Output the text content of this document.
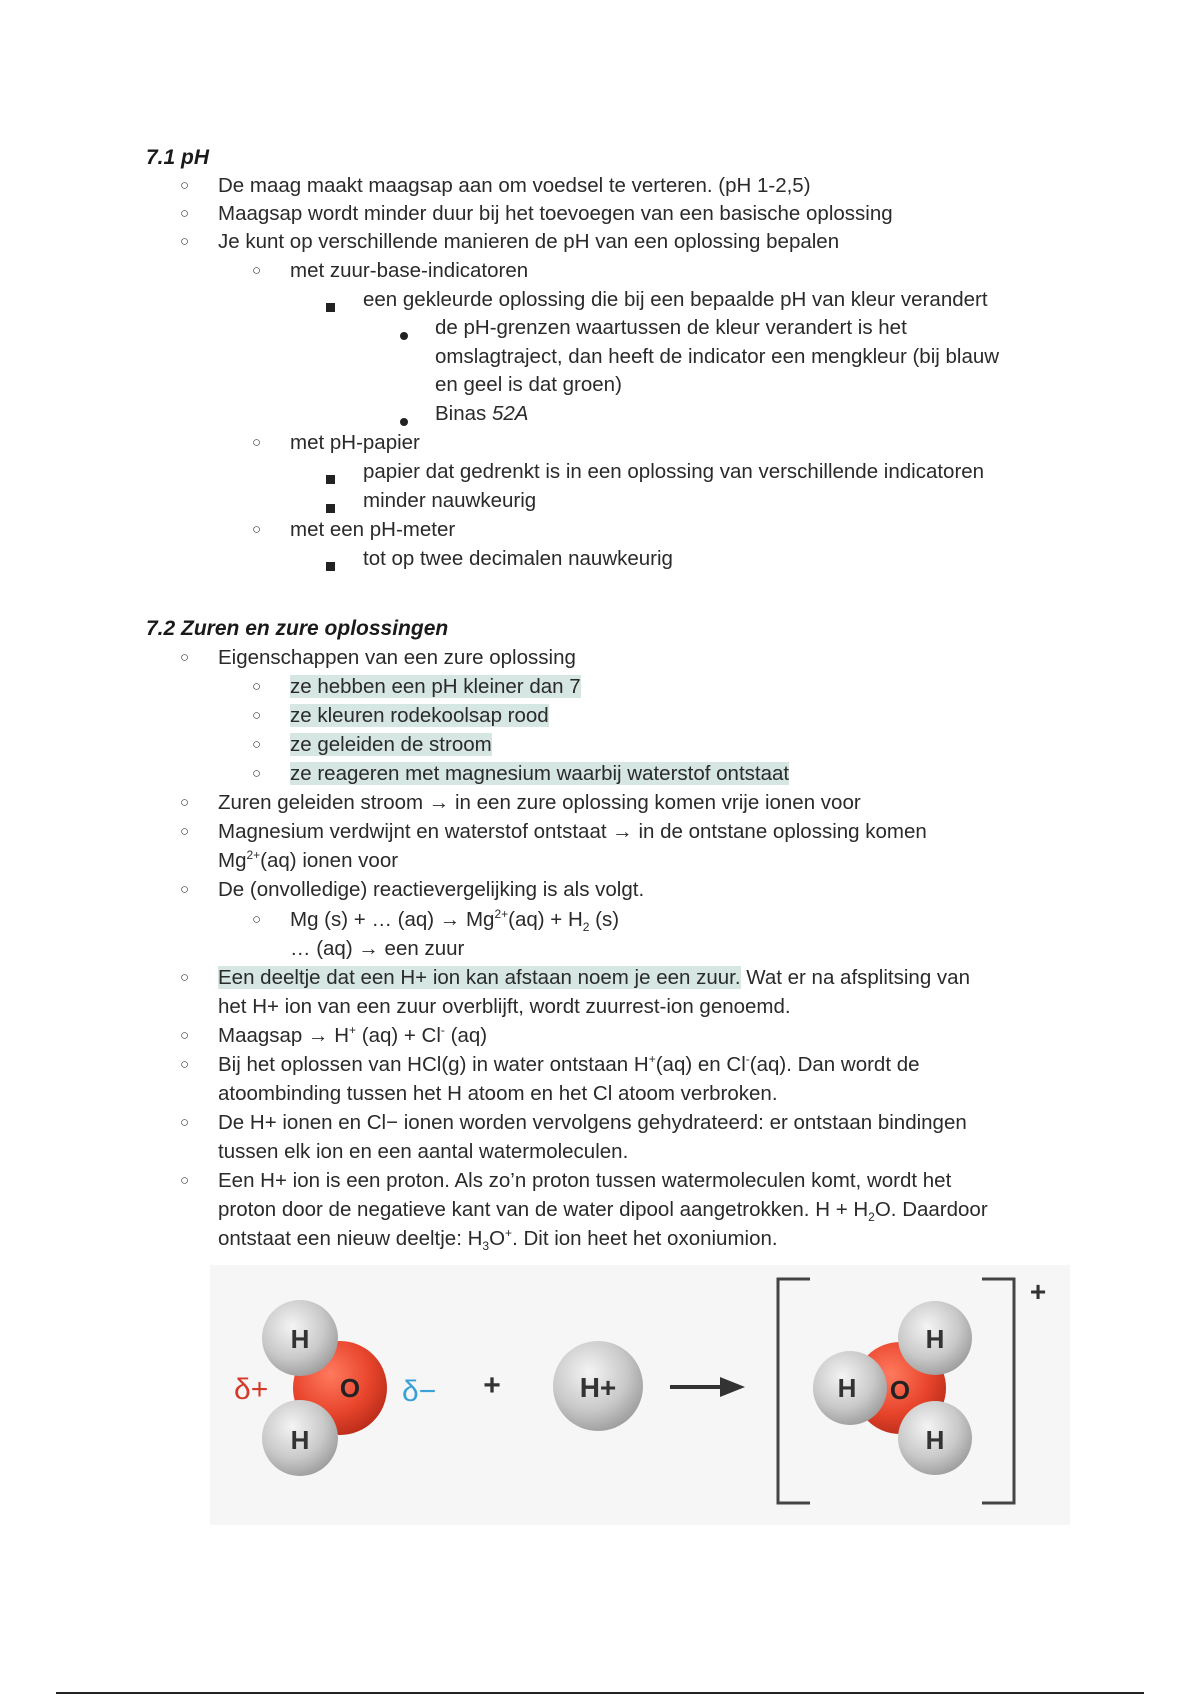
7.1 pH
○ De maag maakt maagsap aan om voedsel te verteren. (pH 1-2,5)
○ Maagsap wordt minder duur bij het toevoegen van een basische oplossing
○ Je kunt op verschillende manieren de pH van een oplossing bepalen
○ met zuur-base-indicatoren
een gekleurde oplossing die bij een bepaalde pH van kleur verandert
de pH-grenzen waartussen de kleur verandert is het
omslagtraject, dan heeft de indicator een mengkleur (bij blauw
en geel is dat groen)
Binas 52A
○ met pH-papier
papier dat gedrenkt is in een oplossing van verschillende indicatoren
minder nauwkeurig
○ met een pH-meter
tot op twee decimalen nauwkeurig
7.2 Zuren en zure oplossingen
○ Eigenschappen van een zure oplossing
○ ze hebben een pH kleiner dan 7
○ ze kleuren rodekoolsap rood
○ ze geleiden de stroom
○ ze reageren met magnesium waarbij waterstof ontstaat
○ Zuren geleiden stroom → in een zure oplossing komen vrije ionen voor
○ Magnesium verdwijnt en waterstof ontstaat → in de ontstane oplossing komen
$Mg^{2+}(aq)$ ionen voor
○ De (onvolledige) reactievergelijking is als volgt.
○ Mg (s) + … $(aq) \to Mg^{2+}(aq) + H_2$ (s)
… (aq) → een zuur
○ Een deeltje dat een H+ ion kan afstaan noem je een zuur. Wat er na afsplitsing van
het H+ ion van een zuur overblijft, wordt zuurrest-ion genoemd.
○ Maagsap → H+ (aq) + Cl- (aq)
○ Bij het oplossen van HCl(g) in water ontstaan H+(aq) en Cl-(aq). Dan wordt de
atoombinding tussen het H atoom en het Cl atoom verbroken.
○ De H+ ionen en Cl− ionen worden vervolgens gehydrateerd: er ontstaan bindingen
tussen elk ion en een aantal watermoleculen.
○ Een H+ ion is een proton. Als zo’n proton tussen watermoleculen komt, wordt het
proton door de negatieve kant van de water dipool aangetrokken. $H + H_2O$. Daardoor
ontstaat een nieuw deeltje: $H_3O^+$. Dit ion heet het oxoniumion.
H
O
H
δ+	δ− +	H+
+
H O
H
H
